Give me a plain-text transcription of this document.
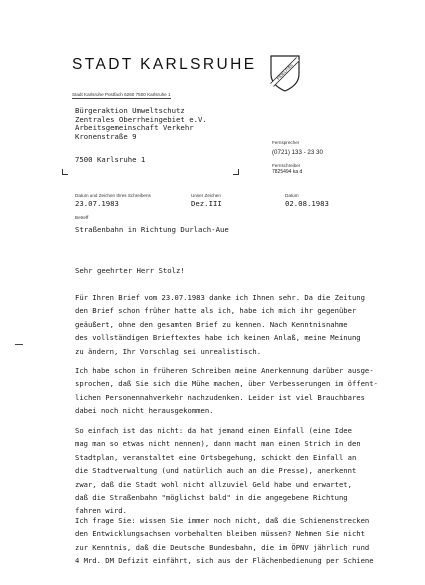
STADT KARLSRUHE
Stadt Karlsruhe Postfach 6260 7500 Karlsruhe 1
FIDELITAS
Bürgeraktion Umweltschutz
Zentrales Oberrheingebiet e.V.
Arbeitsgemeinschaft Verkehr
Kronenstraße 9
7500 Karlsruhe 1
Fernsprecher
(0721) 133 - 23 30
Fernschreiber
7825494 ka d
Datum und Zeichen Ihres Schreibens	Unser Zeichen	Datum
23.07.1983	Dez.III	02.08.1983
Betreff
Straßenbahn in Richtung Durlach-Aue
Sehr geehrter Herr Stolz!
Für Ihren Brief vom 23.07.1983 danke ich Ihnen sehr. Da die Zeitung
den Brief schon früher hatte als ich, habe ich mich ihr gegenüber
geäußert, ohne den gesamten Brief zu kennen. Nach Kenntnisnahme
des vollständigen Brieftextes habe ich keinen Anlaß, meine Meinung
zu ändern, Ihr Vorschlag sei unrealistisch.
Ich habe schon in früheren Schreiben meine Anerkennung darüber ausge-
sprochen, daß Sie sich die Mühe machen, über Verbesserungen im öffent-
lichen Personennahverkehr nachzudenken. Leider ist viel Brauchbares
dabei noch nicht herausgekommen.
So einfach ist das nicht: da hat jemand einen Einfall (eine Idee
mag man so etwas nicht nennen), dann macht man einen Strich in den
Stadtplan, veranstaltet eine Ortsbegehung, schickt den Einfall an
die Stadtverwaltung (und natürlich auch an die Presse), anerkennt
zwar, daß die Stadt wohl nicht allzuviel Geld habe und erwartet,
daß die Straßenbahn "möglichst bald" in die angegebene Richtung
fahren wird.
Ich frage Sie: wissen Sie immer noch nicht, daß die Schienenstrecken
den Entwicklungsachsen vorbehalten bleiben müssen? Nehmen Sie nicht
zur Kenntnis, daß die Deutsche Bundesbahn, die im ÖPNV jährlich rund
4 Mrd. DM Defizit einfährt, sich aus der Flächenbedienung per Schiene
